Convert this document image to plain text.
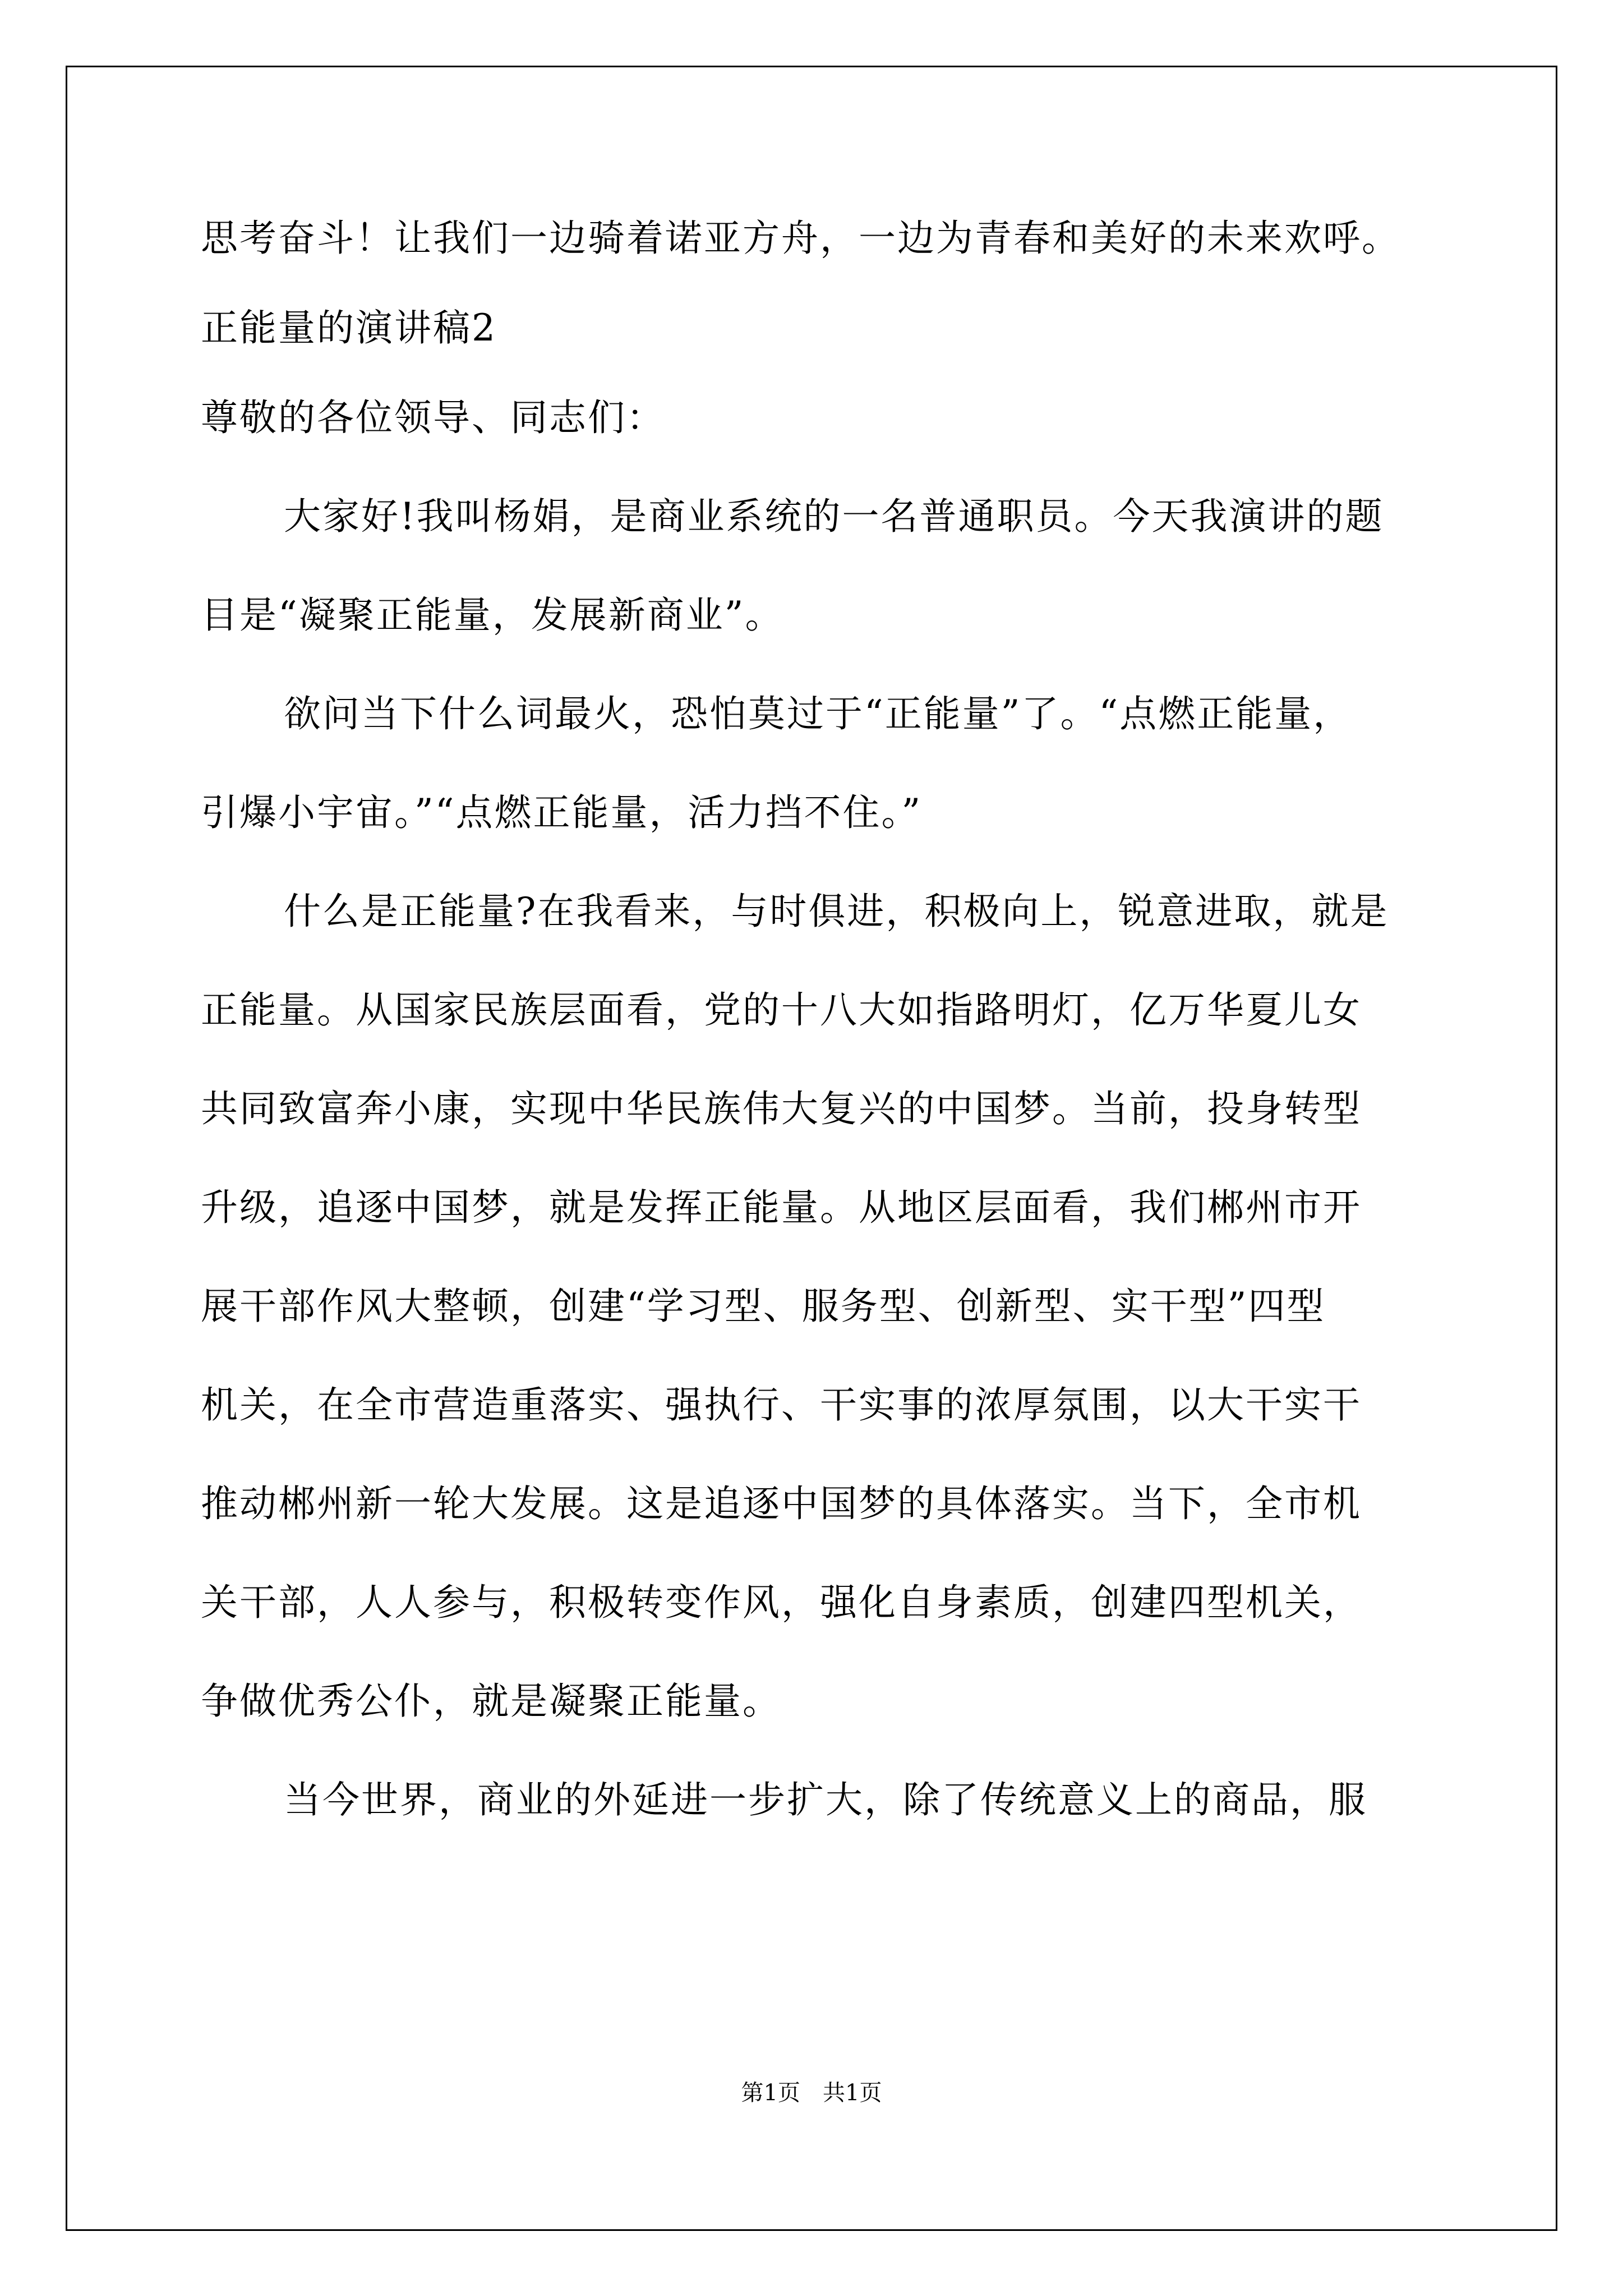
思考奋斗！让我们一边骑着诺亚方舟，一边为青春和美好的未来欢呼。

正能量的演讲稿2

尊敬的各位领导、同志们：

大家好!我叫杨娟，是商业系统的一名普通职员。今天我演讲的题

目是“凝聚正能量，发展新商业”。

欲问当下什么词最火，恐怕莫过于“正能量”了。“点燃正能量，

引爆小宇宙。”“点燃正能量，活力挡不住。”

什么是正能量?在我看来，与时俱进，积极向上，锐意进取，就是

正能量。从国家民族层面看，党的十八大如指路明灯，亿万华夏儿女

共同致富奔小康，实现中华民族伟大复兴的中国梦。当前，投身转型

升级，追逐中国梦，就是发挥正能量。从地区层面看，我们郴州市开

展干部作风大整顿，创建“学习型、服务型、创新型、实干型”四型

机关，在全市营造重落实、强执行、干实事的浓厚氛围，以大干实干

推动郴州新一轮大发展。这是追逐中国梦的具体落实。当下，全市机

关干部，人人参与，积极转变作风，强化自身素质，创建四型机关，

争做优秀公仆，就是凝聚正能量。

当今世界，商业的外延进一步扩大，除了传统意义上的商品，服

第1页　共1页
